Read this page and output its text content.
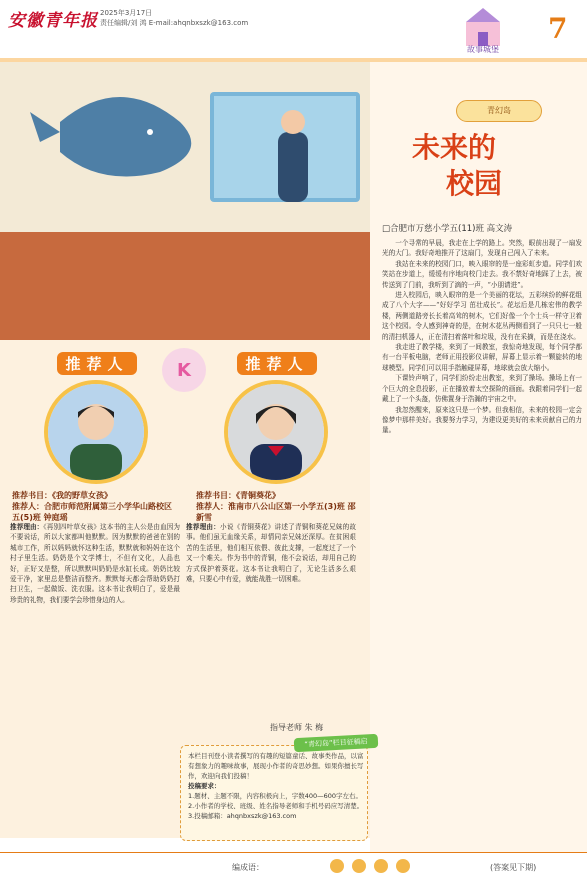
安徽青年报 2025年3月17日
责任编辑/刘 鸿 E-mail:ahqnbxszk@163.com
故事城堡
7
青幻岛
未来的
校园
□合肥市万慈小学五(11)班 高文涛

一个寻常的早晨，我走在上学的路上。突然，眼前出现了一扇发光的大门。我好奇地推开了这扇门，发现自己闯入了未来。

我站在未来的校园门口，映入眼帘的是一座彩虹步道。同学们欢笑站在步道上，缓缓有序地向校门走去。我不禁好奇地踩了上去，被传送到了门前，我听到了滴的一声，“小朋请进”。

进入校园后，映入眼帘的是一个美丽的花坛，五彩缤纷的鲜花组成了八个大字——“好好学习 茁壮成长”。花坛后是几栋宏伟的教学楼，两侧道路旁长长着高耸的树木，它们好像一个个士兵一样守卫着这个校园。令人感到神奇的是，在树木花丛两侧看到了一只只七一般的清扫机器人，正在清扫着落叶和垃圾，没有在采摘，而是在浇水。

我走进了教学楼，来到了一间教室，我惊奇地发现，每个同学都有一台平板电脑，老师正用投影仪讲解，屏幕上显示着一颗旋转的地球模型。同学们可以用手指触碰屏幕，地球就会放大缩小。

下课铃声响了，同学们纷纷走出教室，来到了操场。操场上有一个巨大的全息投影，正在播放着太空探险的画面。我跟着同学们一起戴上了一个头盔，仿佛置身于浩瀚的宇宙之中。

我忽然醒来，原来这只是一个梦。但我相信，未来的校园一定会像梦中那样美好。我要努力学习，为建设更美好的未来贡献自己的力量。

推荐人	推荐人
K
推荐书目：《我的野草女孩》
推荐人：合肥市师范附属第三小学华山路校区五(5)班 钟庭瑶
推荐书目：《青铜葵花》
推荐人：淮南市八公山区第一小学五(3)班 邵新雪
推荐理由：《再别四叶草女孩》这本书的主人公是由血因为不要说话，所以大家都叫他默默。因为默默的爸爸在别的城市工作，所以妈妈就怀这种生活，默默就和妈妈在这个村子里生活。奶奶是个文学博士，不但有文化，人品也好，正好又是整，所以默默叫奶奶是水缸长成。奶奶比较爱干净，家里总是整洁而整齐。默默每天都会帮助奶奶打扫卫生，一起做饭、洗衣服。这本书让我明白了，爱是最珍贵的礼物，我们要学会珍惜身边的人。
推荐理由：小说《青铜葵花》讲述了青铜和葵花兄妹的故事。他们虽无血缘关系，却情同亲兄妹还深厚。在贫困艰苦的生活里，他们相互依偎、彼此支撑，一起度过了一个又一个难关。作为书中的青铜，他不会说话，却用自己的方式保护着葵花。这本书让我明白了，无论生活多么艰难，只要心中有爱，就能战胜一切困难。
指导老师 朱 梅
“青幻岛”栏目征稿启
本栏目刊登小读者撰写的有趣的短篇童话、故事类作品，以富有想象力的趣味故事，展现小作者的奇思妙想。如果你擅长写作，欢迎向我们投稿！
投稿要求：
1.题材、主题不限，内容积极向上，字数400—600字左右。
2.小作者的学校、班级、姓名指导老师和手机号码应写清楚。
3.投稿邮箱：ahqnbxszk@163.com
编成语：	(答案见下期)
